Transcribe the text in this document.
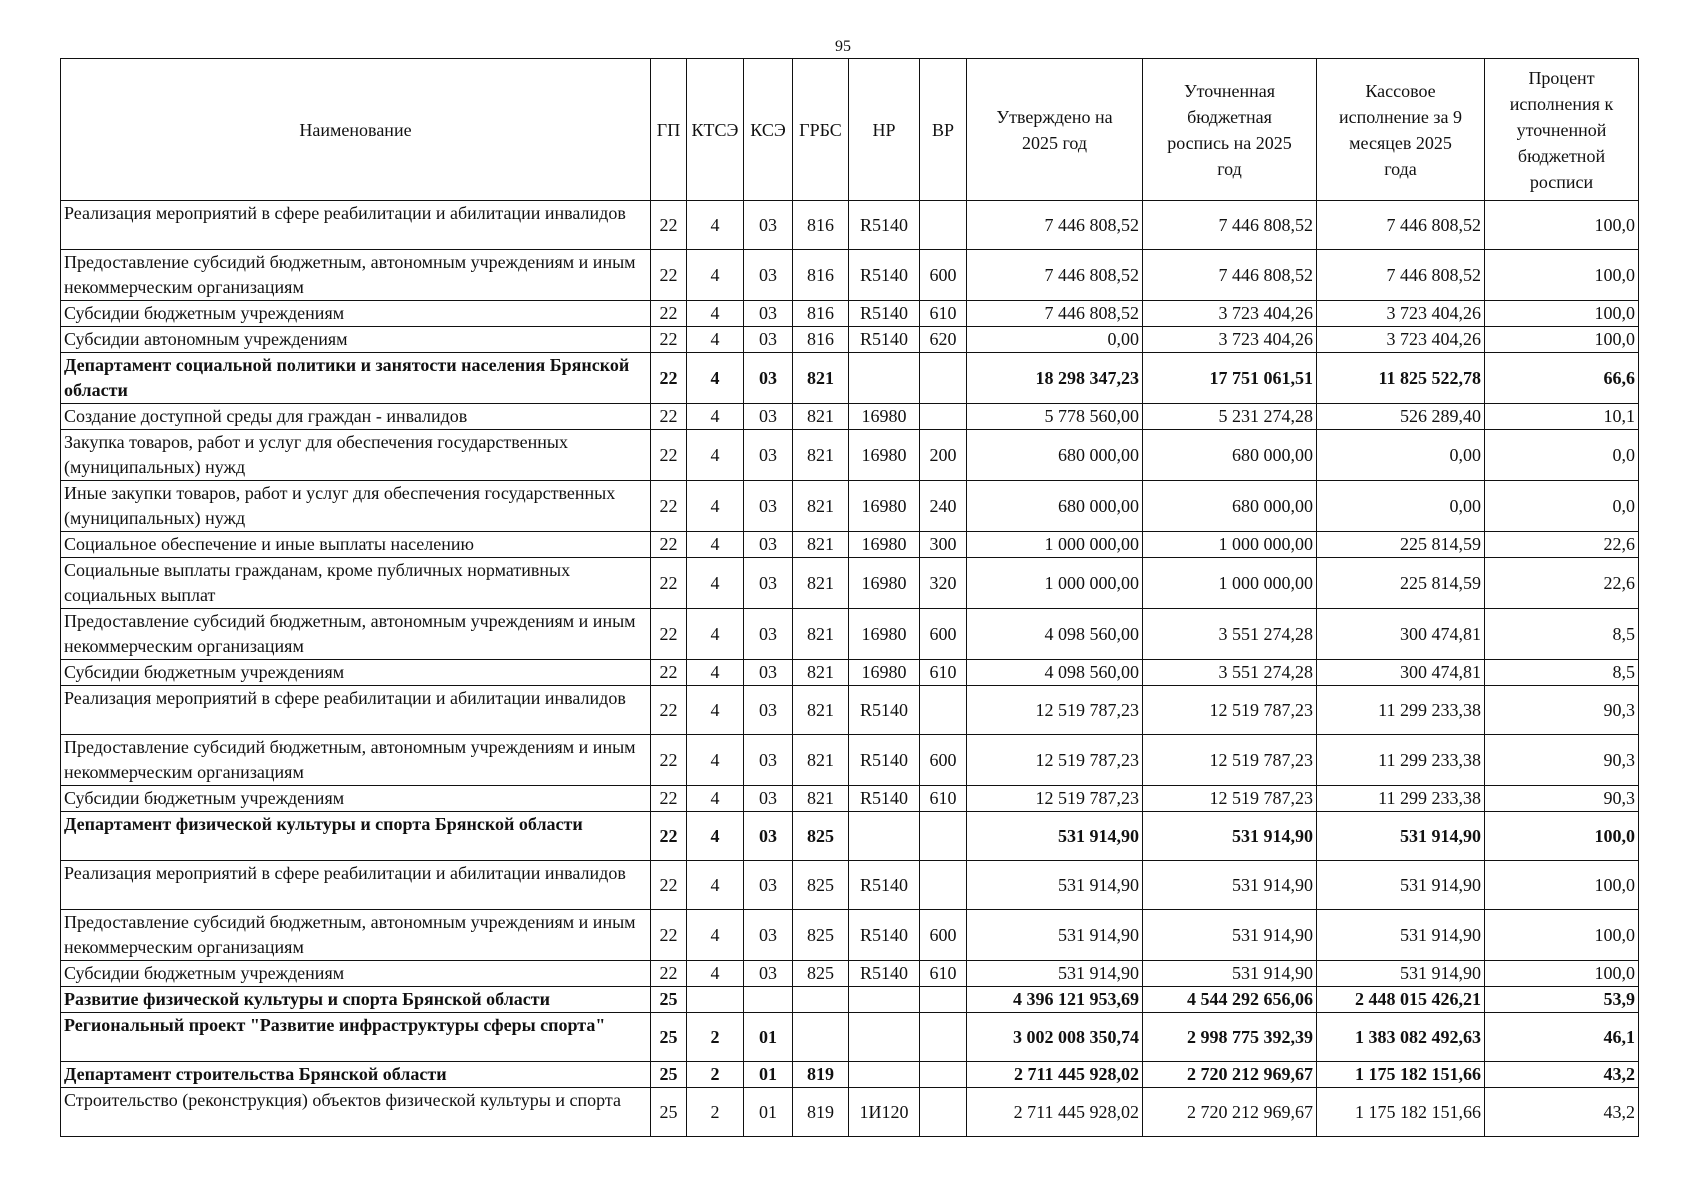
95
Наименование	ГП	КТСЭ	КСЭ	ГРБС	НР	ВР	Утверждено на 2025 год	Уточненная бюджетная роспись на 2025 год	Кассовое исполнение за 9 месяцев 2025 года	Процент исполнения к уточненной бюджетной росписи
Реализация мероприятий в сфере реабилитации и абилитации инвалидов	22	4	03	816	R5140		7 446 808,52	7 446 808,52	7 446 808,52	100,0
Предоставление субсидий бюджетным, автономным учреждениям и иным некоммерческим организациям	22	4	03	816	R5140	600	7 446 808,52	7 446 808,52	7 446 808,52	100,0
Субсидии бюджетным учреждениям	22	4	03	816	R5140	610	7 446 808,52	3 723 404,26	3 723 404,26	100,0
Субсидии автономным учреждениям	22	4	03	816	R5140	620	0,00	3 723 404,26	3 723 404,26	100,0
Департамент социальной политики и занятости населения Брянской области	22	4	03	821			18 298 347,23	17 751 061,51	11 825 522,78	66,6
Создание доступной среды для граждан - инвалидов	22	4	03	821	16980		5 778 560,00	5 231 274,28	526 289,40	10,1
Закупка товаров, работ и услуг для обеспечения государственных (муниципальных) нужд	22	4	03	821	16980	200	680 000,00	680 000,00	0,00	0,0
Иные закупки товаров, работ и услуг для обеспечения государственных (муниципальных) нужд	22	4	03	821	16980	240	680 000,00	680 000,00	0,00	0,0
Социальное обеспечение и иные выплаты населению	22	4	03	821	16980	300	1 000 000,00	1 000 000,00	225 814,59	22,6
Социальные выплаты гражданам, кроме публичных нормативных социальных выплат	22	4	03	821	16980	320	1 000 000,00	1 000 000,00	225 814,59	22,6
Предоставление субсидий бюджетным, автономным учреждениям и иным некоммерческим организациям	22	4	03	821	16980	600	4 098 560,00	3 551 274,28	300 474,81	8,5
Субсидии бюджетным учреждениям	22	4	03	821	16980	610	4 098 560,00	3 551 274,28	300 474,81	8,5
Реализация мероприятий в сфере реабилитации и абилитации инвалидов	22	4	03	821	R5140		12 519 787,23	12 519 787,23	11 299 233,38	90,3
Предоставление субсидий бюджетным, автономным учреждениям и иным некоммерческим организациям	22	4	03	821	R5140	600	12 519 787,23	12 519 787,23	11 299 233,38	90,3
Субсидии бюджетным учреждениям	22	4	03	821	R5140	610	12 519 787,23	12 519 787,23	11 299 233,38	90,3
Департамент физической культуры и спорта Брянской области	22	4	03	825			531 914,90	531 914,90	531 914,90	100,0
Реализация мероприятий в сфере реабилитации и абилитации инвалидов	22	4	03	825	R5140		531 914,90	531 914,90	531 914,90	100,0
Предоставление субсидий бюджетным, автономным учреждениям и иным некоммерческим организациям	22	4	03	825	R5140	600	531 914,90	531 914,90	531 914,90	100,0
Субсидии бюджетным учреждениям	22	4	03	825	R5140	610	531 914,90	531 914,90	531 914,90	100,0
Развитие физической культуры и спорта Брянской области	25						4 396 121 953,69	4 544 292 656,06	2 448 015 426,21	53,9
Региональный проект "Развитие инфраструктуры сферы спорта"	25	2	01				3 002 008 350,74	2 998 775 392,39	1 383 082 492,63	46,1
Департамент строительства Брянской области	25	2	01	819			2 711 445 928,02	2 720 212 969,67	1 175 182 151,66	43,2
Строительство (реконструкция) объектов физической культуры и спорта	25	2	01	819	1И120		2 711 445 928,02	2 720 212 969,67	1 175 182 151,66	43,2
